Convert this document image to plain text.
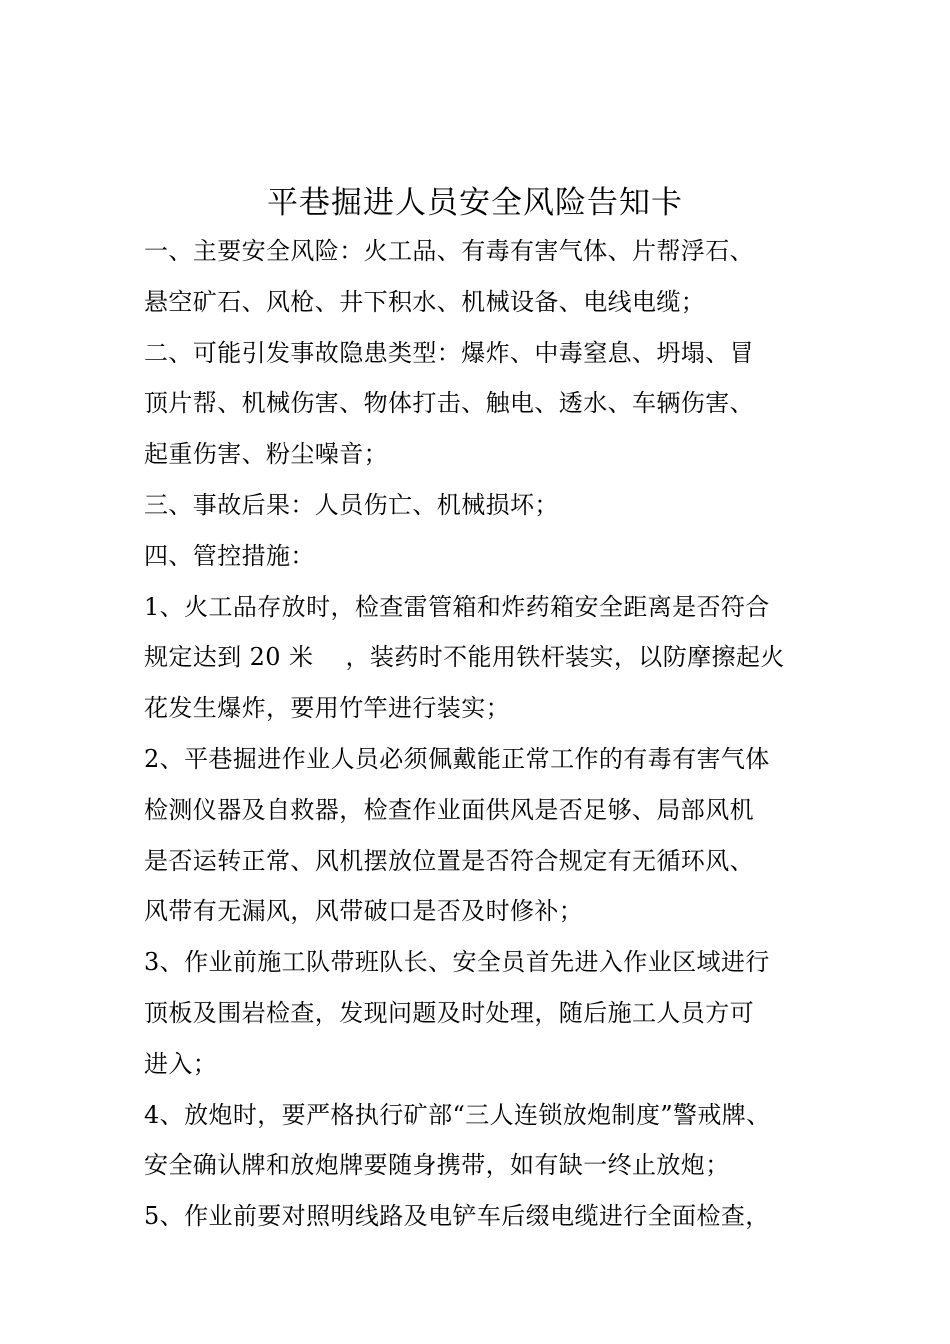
平巷掘进人员安全风险告知卡
一、主要安全风险：火工品、有毒有害气体、片帮浮石、
悬空矿石、风枪、井下积水、机械设备、电线电缆；
二、可能引发事故隐患类型：爆炸、中毒窒息、坍塌、冒
顶片帮、机械伤害、物体打击、触电、透水、车辆伤害、
起重伤害、粉尘噪音；
三、事故后果：人员伤亡、机械损坏；
四、管控措施：
1、火工品存放时，检查雷管箱和炸药箱安全距离是否符合
规定达到 20 米    ，装药时不能用铁杆装实，以防摩擦起火
花发生爆炸，要用竹竿进行装实；
2、平巷掘进作业人员必须佩戴能正常工作的有毒有害气体
检测仪器及自救器，检查作业面供风是否足够、局部风机
是否运转正常、风机摆放位置是否符合规定有无循环风、
风带有无漏风，风带破口是否及时修补；
3、作业前施工队带班队长、安全员首先进入作业区域进行
顶板及围岩检查，发现问题及时处理，随后施工人员方可
进入；
4、放炮时，要严格执行矿部“三人连锁放炮制度”警戒牌、
安全确认牌和放炮牌要随身携带，如有缺一终止放炮；
5、作业前要对照明线路及电铲车后缀电缆进行全面检查，
